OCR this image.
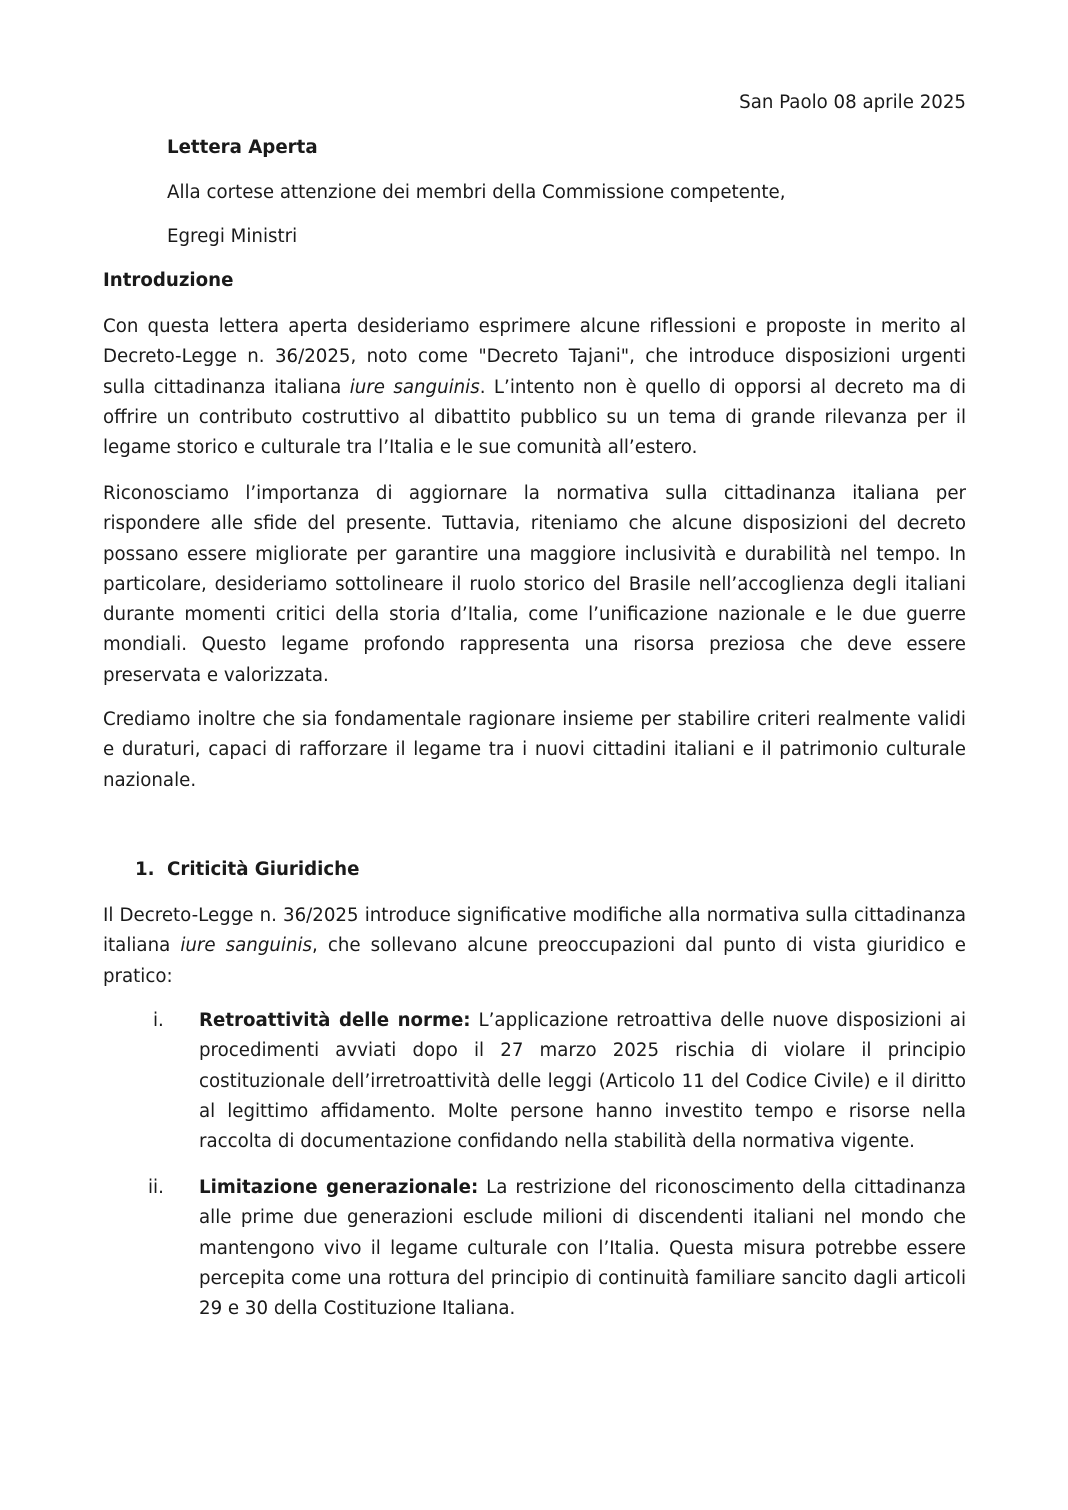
San Paolo 08 aprile 2025
Lettera Aperta
Alla cortese attenzione dei membri della Commissione competente,
Egregi Ministri
Introduzione

Con questa lettera aperta desideriamo esprimere alcune riflessioni e proposte in merito al Decreto-Legge n. 36/2025, noto come "Decreto Tajani", che introduce disposizioni urgenti sulla cittadinanza italiana iure sanguinis. L’intento non è quello di opporsi al decreto ma di offrire un contributo costruttivo al dibattito pubblico su un tema di grande rilevanza per il legame storico e culturale tra l’Italia e le sue comunità all’estero.

Riconosciamo l’importanza di aggiornare la normativa sulla cittadinanza italiana per rispondere alle sfide del presente. Tuttavia, riteniamo che alcune disposizioni del decreto possano essere migliorate per garantire una maggiore inclusività e durabilità nel tempo. In particolare, desideriamo sottolineare il ruolo storico del Brasile nell’accoglienza degli italiani durante momenti critici della storia d’Italia, come l’unificazione nazionale e le due guerre mondiali. Questo legame profondo rappresenta una risorsa preziosa che deve essere preservata e valorizzata.

Crediamo inoltre che sia fondamentale ragionare insieme per stabilire criteri realmente validi e duraturi, capaci di rafforzare il legame tra i nuovi cittadini italiani e il patrimonio culturale nazionale.

1. Criticità Giuridiche

Il Decreto-Legge n. 36/2025 introduce significative modifiche alla normativa sulla cittadinanza italiana iure sanguinis, che sollevano alcune preoccupazioni dal punto di vista giuridico e pratico:

i. Retroattività delle norme: L’applicazione retroattiva delle nuove disposizioni ai procedimenti avviati dopo il 27 marzo 2025 rischia di violare il principio costituzionale dell’irretroattività delle leggi (Articolo 11 del Codice Civile) e il diritto al legittimo affidamento. Molte persone hanno investito tempo e risorse nella raccolta di documentazione confidando nella stabilità della normativa vigente.

ii. Limitazione generazionale: La restrizione del riconoscimento della cittadinanza alle prime due generazioni esclude milioni di discendenti italiani nel mondo che mantengono vivo il legame culturale con l’Italia. Questa misura potrebbe essere percepita come una rottura del principio di continuità familiare sancito dagli articoli 29 e 30 della Costituzione Italiana.
